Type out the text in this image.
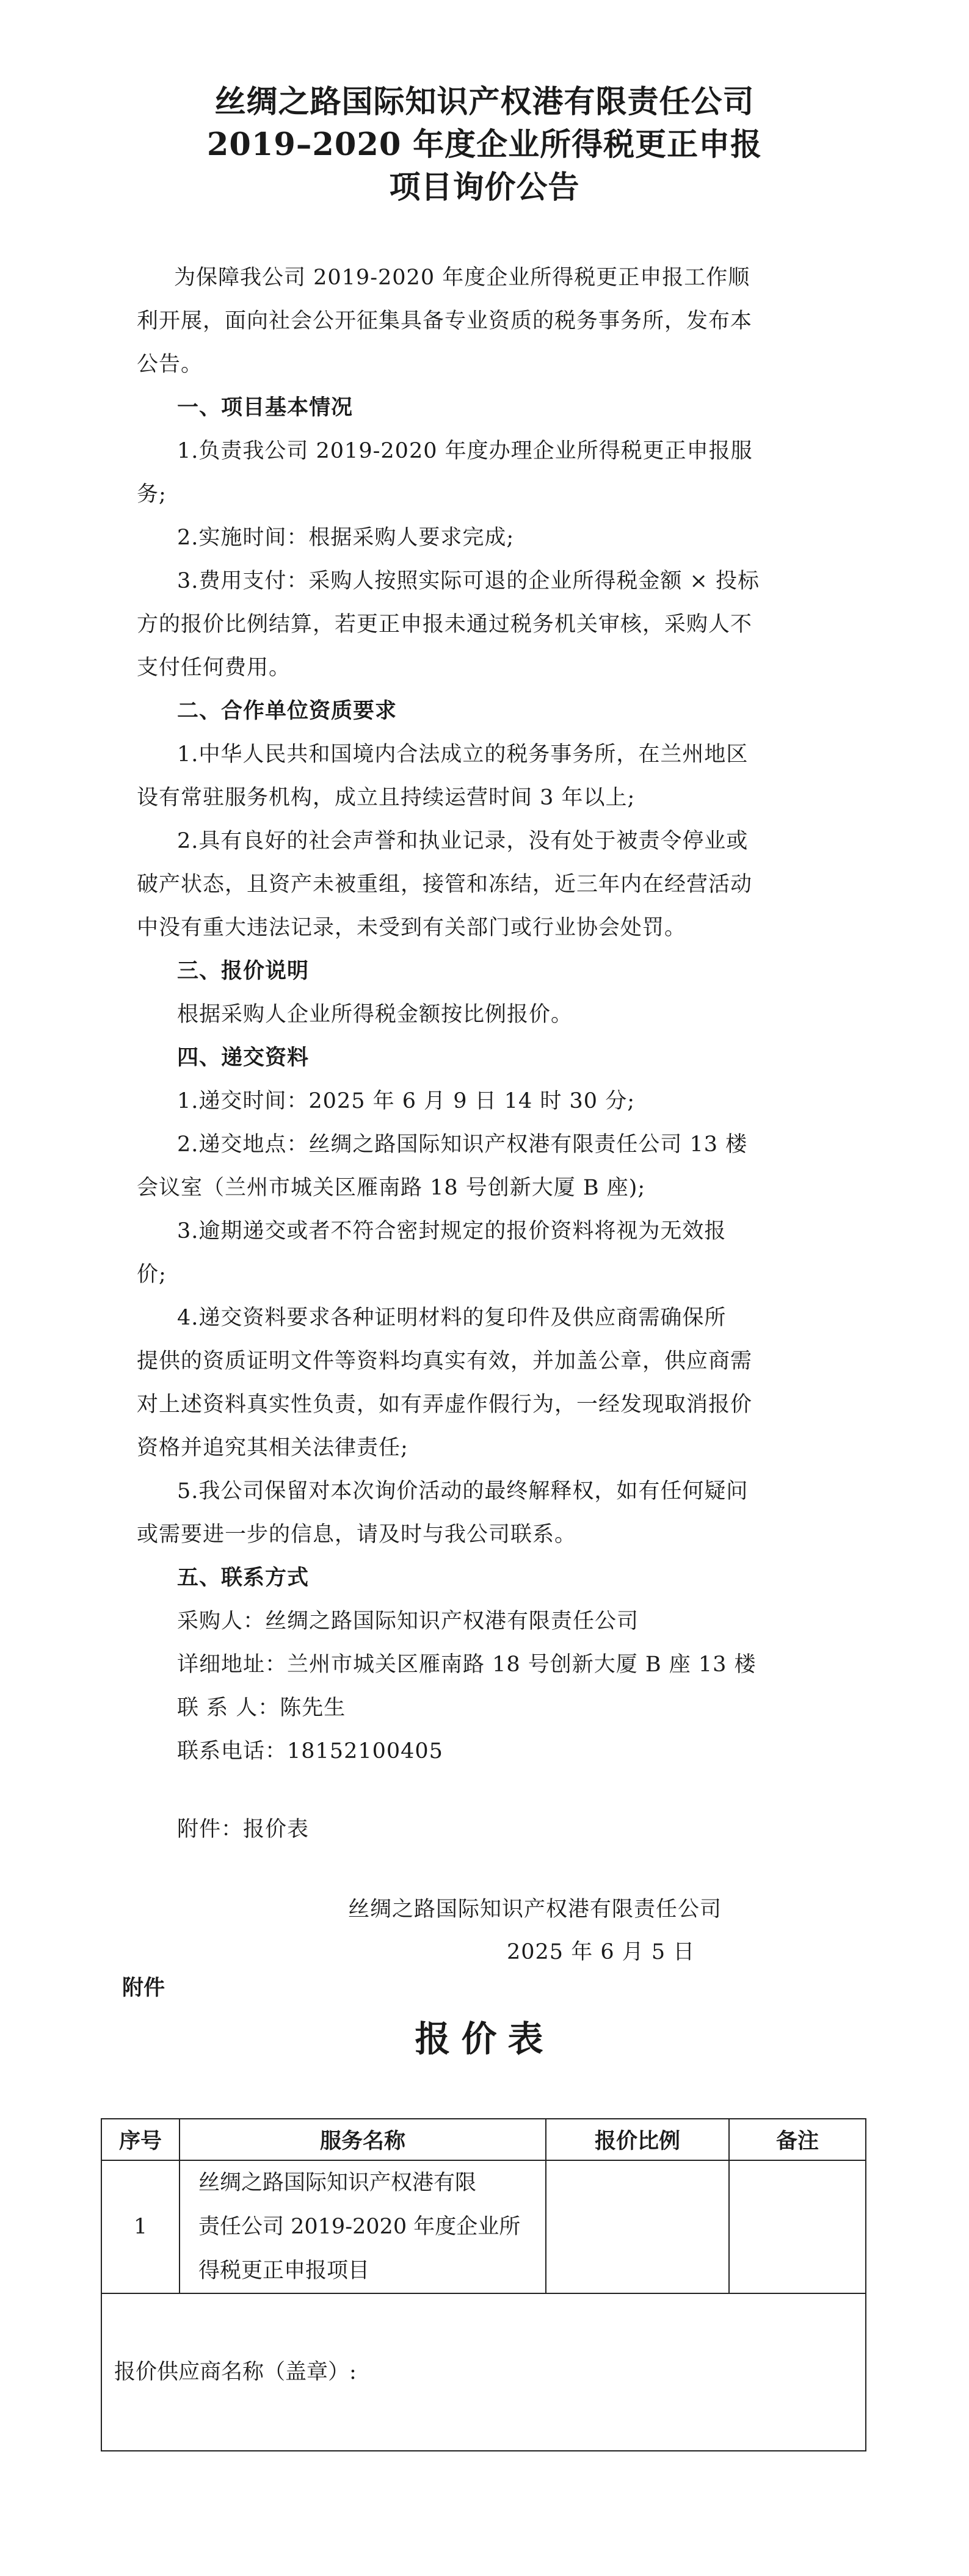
丝绸之路国际知识产权港有限责任公司
2019–2020 年度企业所得税更正申报
项目询价公告
为保障我公司 2019-2020 年度企业所得税更正申报工作顺
利开展，面向社会公开征集具备专业资质的税务事务所，发布本
公告。
一、项目基本情况
1.负责我公司 2019-2020 年度办理企业所得税更正申报服
务;
2.实施时间：根据采购人要求完成;
3.费用支付：采购人按照实际可退的企业所得税金额 × 投标
方的报价比例结算，若更正申报未通过税务机关审核，采购人不
支付任何费用。
二、合作单位资质要求
1.中华人民共和国境内合法成立的税务事务所，在兰州地区
设有常驻服务机构，成立且持续运营时间 3 年以上;
2.具有良好的社会声誉和执业记录，没有处于被责令停业或
破产状态，且资产未被重组，接管和冻结，近三年内在经营活动
中没有重大违法记录，未受到有关部门或行业协会处罚。
三、报价说明
根据采购人企业所得税金额按比例报价。
四、递交资料
1.递交时间：2025 年 6 月 9 日 14 时 30 分;
2.递交地点：丝绸之路国际知识产权港有限责任公司 13 楼
会议室（兰州市城关区雁南路 18 号创新大厦 B 座);
3.逾期递交或者不符合密封规定的报价资料将视为无效报
价;
4.递交资料要求各种证明材料的复印件及供应商需确保所
提供的资质证明文件等资料均真实有效，并加盖公章，供应商需
对上述资料真实性负责，如有弄虚作假行为，一经发现取消报价
资格并追究其相关法律责任;
5.我公司保留对本次询价活动的最终解释权，如有任何疑问
或需要进一步的信息，请及时与我公司联系。
五、联系方式
采购人：丝绸之路国际知识产权港有限责任公司
详细地址：兰州市城关区雁南路 18 号创新大厦 B 座 13 楼
联 系 人：陈先生
联系电话：18152100405
附件：报价表
丝绸之路国际知识产权港有限责任公司
2025 年 6 月 5 日
附件
报价表
序号	服务名称	报价比例	备注
1	丝绸之路国际知识产权港有限
责任公司 2019-2020 年度企业所
得税更正申报项目		

报价供应商名称（盖章）:			
